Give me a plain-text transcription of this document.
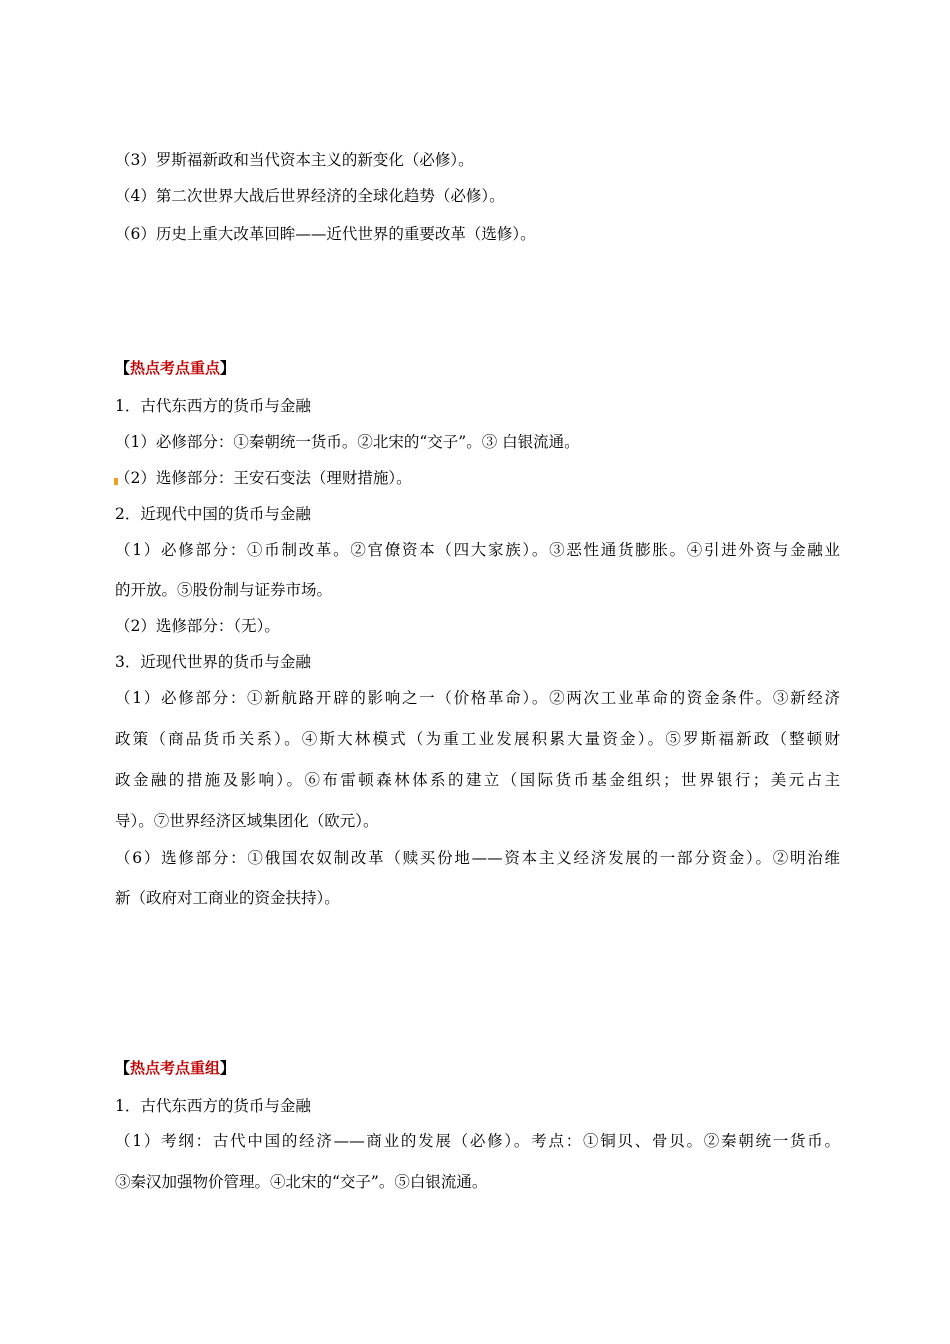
（3）罗斯福新政和当代资本主义的新变化（必修）。
（4）第二次世界大战后世界经济的全球化趋势（必修）。
（6）历史上重大改革回眸——近代世界的重要改革（选修）。
【热点考点重点】
1．古代东西方的货币与金融
（1）必修部分：①秦朝统一货币。②北宋的“交子”。③ 白银流通。
（2）选修部分：王安石变法（理财措施）。
2．近现代中国的货币与金融
（1）必修部分：①币制改革。②官僚资本（四大家族）。③恶性通货膨胀。④引进外资与金融业
的开放。⑤股份制与证券市场。
（2）选修部分：（无）。
3．近现代世界的货币与金融
（1）必修部分：①新航路开辟的影响之一（价格革命）。②两次工业革命的资金条件。③新经济
政策（商品货币关系）。④斯大林模式（为重工业发展积累大量资金）。⑤罗斯福新政（整顿财
政金融的措施及影响）。⑥布雷顿森林体系的建立（国际货币基金组织；世界银行；美元占主
导）。⑦世界经济区域集团化（欧元）。
（6）选修部分：①俄国农奴制改革（赎买份地——资本主义经济发展的一部分资金）。②明治维
新（政府对工商业的资金扶持）。
【热点考点重组】
1．古代东西方的货币与金融
（1）考纲：古代中国的经济——商业的发展（必修）。考点：①铜贝、骨贝。②秦朝统一货币。
③秦汉加强物价管理。④北宋的“交子”。⑤白银流通。
